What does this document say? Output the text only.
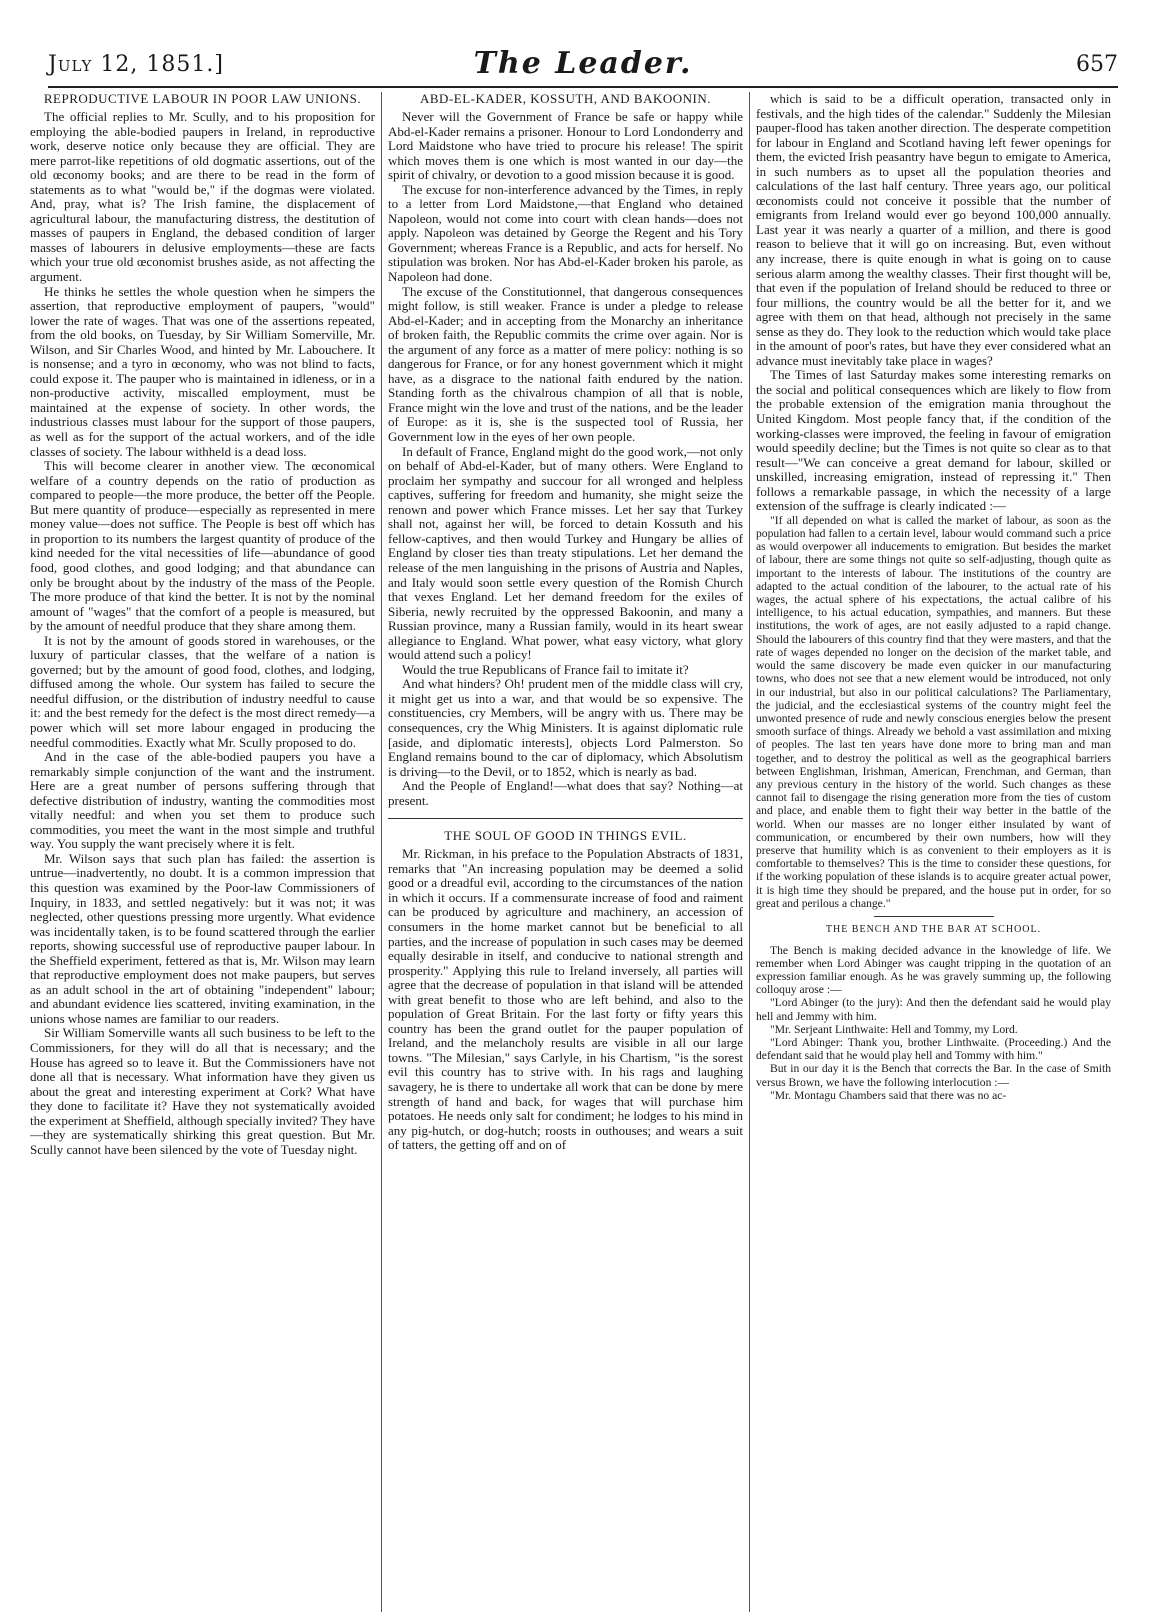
July 12, 1851.]	The Leader.	657
REPRODUCTIVE LABOUR IN POOR LAW UNIONS.

The official replies to Mr. Scully, and to his proposition for employing the able-bodied paupers in Ireland, in reproductive work, deserve notice only because they are official. They are mere parrot-like repetitions of old dogmatic assertions, out of the old œconomy books; and are there to be read in the form of statements as to what "would be," if the dogmas were violated. And, pray, what is? The Irish famine, the displacement of agricultural labour, the manufacturing distress, the destitution of masses of paupers in England, the debased condition of larger masses of labourers in delusive employments—these are facts which your true old œconomist brushes aside, as not affecting the argument.

He thinks he settles the whole question when he simpers the assertion, that reproductive employment of paupers, "would" lower the rate of wages. That was one of the assertions repeated, from the old books, on Tuesday, by Sir William Somerville, Mr. Wilson, and Sir Charles Wood, and hinted by Mr. Labouchere. It is nonsense; and a tyro in œconomy, who was not blind to facts, could expose it. The pauper who is maintained in idleness, or in a non-productive activity, miscalled employment, must be maintained at the expense of society. In other words, the industrious classes must labour for the support of those paupers, as well as for the support of the actual workers, and of the idle classes of society. The labour withheld is a dead loss.

This will become clearer in another view. The œconomical welfare of a country depends on the ratio of production as compared to people—the more produce, the better off the People. But mere quantity of produce—especially as represented in mere money value—does not suffice. The People is best off which has in proportion to its numbers the largest quantity of produce of the kind needed for the vital necessities of life—abundance of good food, good clothes, and good lodging; and that abundance can only be brought about by the industry of the mass of the People. The more produce of that kind the better. It is not by the nominal amount of "wages" that the comfort of a people is measured, but by the amount of needful produce that they share among them.

It is not by the amount of goods stored in warehouses, or the luxury of particular classes, that the welfare of a nation is governed; but by the amount of good food, clothes, and lodging, diffused among the whole. Our system has failed to secure the needful diffusion, or the distribution of industry needful to cause it: and the best remedy for the defect is the most direct remedy—a power which will set more labour engaged in producing the needful commodities. Exactly what Mr. Scully proposed to do.

And in the case of the able-bodied paupers you have a remarkably simple conjunction of the want and the instrument. Here are a great number of persons suffering through that defective distribution of industry, wanting the commodities most vitally needful: and when you set them to produce such commodities, you meet the want in the most simple and truthful way. You supply the want precisely where it is felt.

Mr. Wilson says that such plan has failed: the assertion is untrue—inadvertently, no doubt. It is a common impression that this question was examined by the Poor-law Commissioners of Inquiry, in 1833, and settled negatively: but it was not; it was neglected, other questions pressing more urgently. What evidence was incidentally taken, is to be found scattered through the earlier reports, showing successful use of reproductive pauper labour. In the Sheffield experiment, fettered as that is, Mr. Wilson may learn that reproductive employment does not make paupers, but serves as an adult school in the art of obtaining "independent" labour; and abundant evidence lies scattered, inviting examination, in the unions whose names are familiar to our readers.

Sir William Somerville wants all such business to be left to the Commissioners, for they will do all that is necessary; and the House has agreed so to leave it. But the Commissioners have not done all that is necessary. What information have they given us about the great and interesting experiment at Cork? What have they done to facilitate it? Have they not systematically avoided the experiment at Sheffield, although specially invited? They have—they are systematically shirking this great question. But Mr. Scully cannot have been silenced by the vote of Tuesday night.

ABD-EL-KADER, KOSSUTH, AND BAKOONIN.

Never will the Government of France be safe or happy while Abd-el-Kader remains a prisoner. Honour to Lord Londonderry and Lord Maidstone who have tried to procure his release! The spirit which moves them is one which is most wanted in our day—the spirit of chivalry, or devotion to a good mission because it is good.

The excuse for non-interference advanced by the Times, in reply to a letter from Lord Maidstone,—that England who detained Napoleon, would not come into court with clean hands—does not apply. Napoleon was detained by George the Regent and his Tory Government; whereas France is a Republic, and acts for herself. No stipulation was broken. Nor has Abd-el-Kader broken his parole, as Napoleon had done.

The excuse of the Constitutionnel, that dangerous consequences might follow, is still weaker. France is under a pledge to release Abd-el-Kader; and in accepting from the Monarchy an inheritance of broken faith, the Republic commits the crime over again. Nor is the argument of any force as a matter of mere policy: nothing is so dangerous for France, or for any honest government which it might have, as a disgrace to the national faith endured by the nation. Standing forth as the chivalrous champion of all that is noble, France might win the love and trust of the nations, and be the leader of Europe: as it is, she is the suspected tool of Russia, her Government low in the eyes of her own people.

In default of France, England might do the good work,—not only on behalf of Abd-el-Kader, but of many others. Were England to proclaim her sympathy and succour for all wronged and helpless captives, suffering for freedom and humanity, she might seize the renown and power which France misses. Let her say that Turkey shall not, against her will, be forced to detain Kossuth and his fellow-captives, and then would Turkey and Hungary be allies of England by closer ties than treaty stipulations. Let her demand the release of the men languishing in the prisons of Austria and Naples, and Italy would soon settle every question of the Romish Church that vexes England. Let her demand freedom for the exiles of Siberia, newly recruited by the oppressed Bakoonin, and many a Russian province, many a Russian family, would in its heart swear allegiance to England. What power, what easy victory, what glory would attend such a policy!

Would the true Republicans of France fail to imitate it?

And what hinders? Oh! prudent men of the middle class will cry, it might get us into a war, and that would be so expensive. The constituencies, cry Members, will be angry with us. There may be consequences, cry the Whig Ministers. It is against diplomatic rule [aside, and diplomatic interests], objects Lord Palmerston. So England remains bound to the car of diplomacy, which Absolutism is driving—to the Devil, or to 1852, which is nearly as bad.

And the People of England!—what does that say? Nothing—at present.

THE SOUL OF GOOD IN THINGS EVIL.

Mr. Rickman, in his preface to the Population Abstracts of 1831, remarks that "An increasing population may be deemed a solid good or a dreadful evil, according to the circumstances of the nation in which it occurs. If a commensurate increase of food and raiment can be produced by agriculture and machinery, an accession of consumers in the home market cannot but be beneficial to all parties, and the increase of population in such cases may be deemed equally desirable in itself, and conducive to national strength and prosperity." Applying this rule to Ireland inversely, all parties will agree that the decrease of population in that island will be attended with great benefit to those who are left behind, and also to the population of Great Britain. For the last forty or fifty years this country has been the grand outlet for the pauper population of Ireland, and the melancholy results are visible in all our large towns. "The Milesian," says Carlyle, in his Chartism, "is the sorest evil this country has to strive with. In his rags and laughing savagery, he is there to undertake all work that can be done by mere strength of hand and back, for wages that will purchase him potatoes. He needs only salt for condiment; he lodges to his mind in any pig-hutch, or dog-hutch; roosts in outhouses; and wears a suit of tatters, the getting off and on of

which is said to be a difficult operation, transacted only in festivals, and the high tides of the calendar." Suddenly the Milesian pauper-flood has taken another direction. The desperate competition for labour in England and Scotland having left fewer openings for them, the evicted Irish peasantry have begun to emigate to America, in such numbers as to upset all the population theories and calculations of the last half century. Three years ago, our political œconomists could not conceive it possible that the number of emigrants from Ireland would ever go beyond 100,000 annually. Last year it was nearly a quarter of a million, and there is good reason to believe that it will go on increasing. But, even without any increase, there is quite enough in what is going on to cause serious alarm among the wealthy classes. Their first thought will be, that even if the population of Ireland should be reduced to three or four millions, the country would be all the better for it, and we agree with them on that head, although not precisely in the same sense as they do. They look to the reduction which would take place in the amount of poor's rates, but have they ever considered what an advance must inevitably take place in wages?

The Times of last Saturday makes some interesting remarks on the social and political consequences which are likely to flow from the probable extension of the emigration mania throughout the United Kingdom. Most people fancy that, if the condition of the working-classes were improved, the feeling in favour of emigration would speedily decline; but the Times is not quite so clear as to that result—"We can conceive a great demand for labour, skilled or unskilled, increasing emigration, instead of repressing it." Then follows a remarkable passage, in which the necessity of a large extension of the suffrage is clearly indicated :—

"If all depended on what is called the market of labour, as soon as the population had fallen to a certain level, labour would command such a price as would overpower all inducements to emigration. But besides the market of labour, there are some things not quite so self-adjusting, though quite as important to the interests of labour. The institutions of the country are adapted to the actual condition of the labourer, to the actual rate of his wages, the actual sphere of his expectations, the actual calibre of his intelligence, to his actual education, sympathies, and manners. But these institutions, the work of ages, are not easily adjusted to a rapid change. Should the labourers of this country find that they were masters, and that the rate of wages depended no longer on the decision of the market table, and would the same discovery be made even quicker in our manufacturing towns, who does not see that a new element would be introduced, not only in our industrial, but also in our political calculations? The Parliamentary, the judicial, and the ecclesiastical systems of the country might feel the unwonted presence of rude and newly conscious energies below the present smooth surface of things. Already we behold a vast assimilation and mixing of peoples. The last ten years have done more to bring man and man together, and to destroy the political as well as the geographical barriers between Englishman, Irishman, American, Frenchman, and German, than any previous century in the history of the world. Such changes as these cannot fail to disengage the rising generation more from the ties of custom and place, and enable them to fight their way better in the battle of the world. When our masses are no longer either insulated by want of communication, or encumbered by their own numbers, how will they preserve that humility which is as convenient to their employers as it is comfortable to themselves? This is the time to consider these questions, for if the working population of these islands is to acquire greater actual power, it is high time they should be prepared, and the house put in order, for so great and perilous a change."

THE BENCH AND THE BAR AT SCHOOL.

The Bench is making decided advance in the knowledge of life. We remember when Lord Abinger was caught tripping in the quotation of an expression familiar enough. As he was gravely summing up, the following colloquy arose :—

"Lord Abinger (to the jury): And then the defendant said he would play hell and Jemmy with him.

"Mr. Serjeant Linthwaite: Hell and Tommy, my Lord.

"Lord Abinger: Thank you, brother Linthwaite. (Proceeding.) And the defendant said that he would play hell and Tommy with him."

But in our day it is the Bench that corrects the Bar. In the case of Smith versus Brown, we have the following interlocution :—

"Mr. Montagu Chambers said that there was no ac-
